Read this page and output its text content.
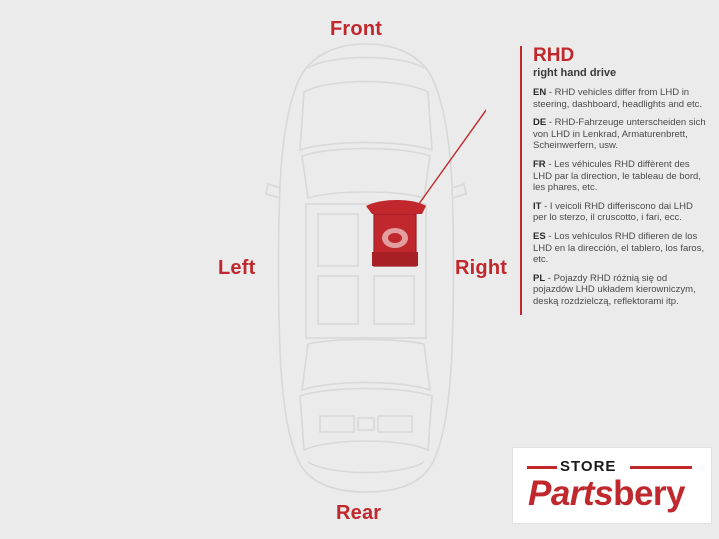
Front
Rear
Left	Right
RHD
right hand drive
EN - RHD vehicles differ from LHD in steering, dashboard, headlights and etc.
DE - RHD-Fahrzeuge unterscheiden sich von LHD in Lenkrad, Armaturenbrett, Scheinwerfern, usw.
FR - Les véhicules RHD diffèrent des LHD par la direction, le tableau de bord, les phares, etc.
IT - I veicoli RHD differiscono dai LHD per lo sterzo, il cruscotto, i fari, ecc.
ES - Los vehículos RHD difieren de los LHD en la dirección, el tablero, los faros, etc.
PL - Pojazdy RHD różnią się od pojazdów LHD układem kierowniczym, deską rozdzielczą, reflektorami itp.
STORE
Partsbery
